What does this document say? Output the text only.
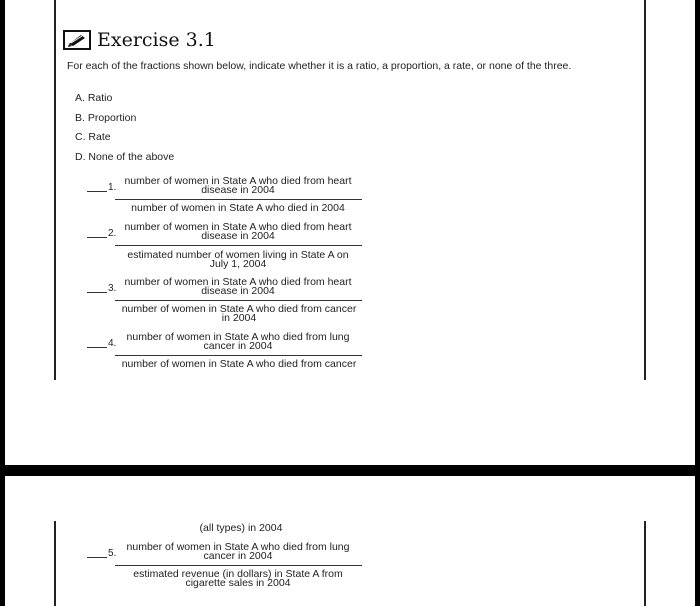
Exercise 3.1
For each of the fractions shown below, indicate whether it is a ratio, a proportion, a rate, or none of the three.
A. Ratio
B. Proportion
C. Rate
D. None of the above
1.
number of women in State A who died from heart
disease in 2004
number of women in State A who died in 2004
2.
number of women in State A who died from heart
disease in 2004
estimated number of women living in State A on
July 1, 2004
3.
number of women in State A who died from heart
disease in 2004
number of women in State A who died from cancer
in 2004
4.
number of women in State A who died from lung
cancer in 2004
number of women in State A who died from cancer
(all types) in 2004
5.
number of women in State A who died from lung
cancer in 2004
estimated revenue (in dollars) in State A from
cigarette sales in 2004
